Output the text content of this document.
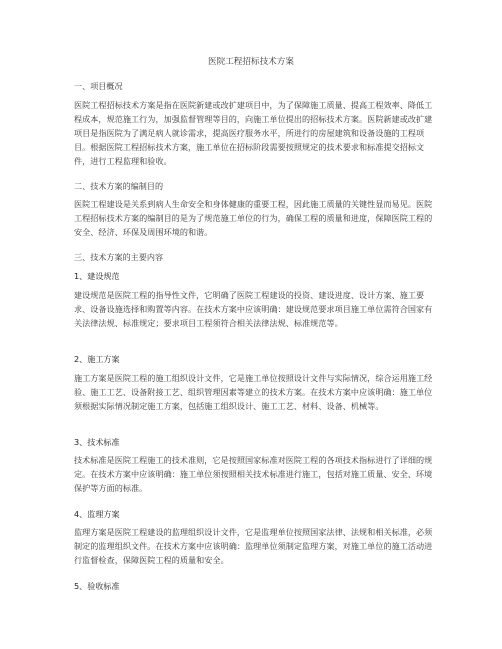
医院工程招标技术方案
一、项目概况
医院工程招标技术方案是指在医院新建或改扩建项目中，为了保障施工质量、提高工程效率、降低工程成本，规范施工行为，加强监督管理等目的，向施工单位提出的招标技术方案。医院新建或改扩建项目是指医院为了满足病人就诊需求，提高医疗服务水平，所进行的房屋建筑和设备设施的工程项目。根据医院工程招标技术方案，施工单位在招标阶段需要按照规定的技术要求和标准提交招标文件，进行工程监理和验收。
二、技术方案的编制目的
医院工程建设是关系到病人生命安全和身体健康的重要工程，因此施工质量的关键性显而易见。医院工程招标技术方案的编制目的是为了规范施工单位的行为，确保工程的质量和进度，保障医院工程的安全、经济、环保及周围环境的和谐。
三、技术方案的主要内容
1、建设规范
建设规范是医院工程的指导性文件，它明确了医院工程建设的投资、建设进度、设计方案、施工要求、设备设施选择和购置等内容。在技术方案中应该明确：建设规范要求项目施工单位需符合国家有关法律法规、标准规定；要求项目工程须符合相关法律法规、标准规范等。
2、施工方案
施工方案是医院工程的施工组织设计文件，它是施工单位按照设计文件与实际情况，综合运用施工经验、施工工艺、设备附接工艺、组织管理因素等建立的技术方案。在技术方案中应该明确：施工单位须根据实际情况制定施工方案，包括施工组织设计、施工工艺、材料、设备、机械等。
3、技术标准
技术标准是医院工程施工的技术准则，它是按照国家标准对医院工程的各项技术指标进行了详细的规定。在技术方案中应该明确：施工单位须按照相关技术标准进行施工，包括对施工质量、安全、环境保护等方面的标准。
4、监理方案
监理方案是医院工程建设的监理组织设计文件，它是监理单位按照国家法律、法规和相关标准，必须制定的监理组织文件。在技术方案中应该明确：监理单位须制定监理方案，对施工单位的施工活动进行监督检查，保障医院工程的质量和安全。
5、验收标准
